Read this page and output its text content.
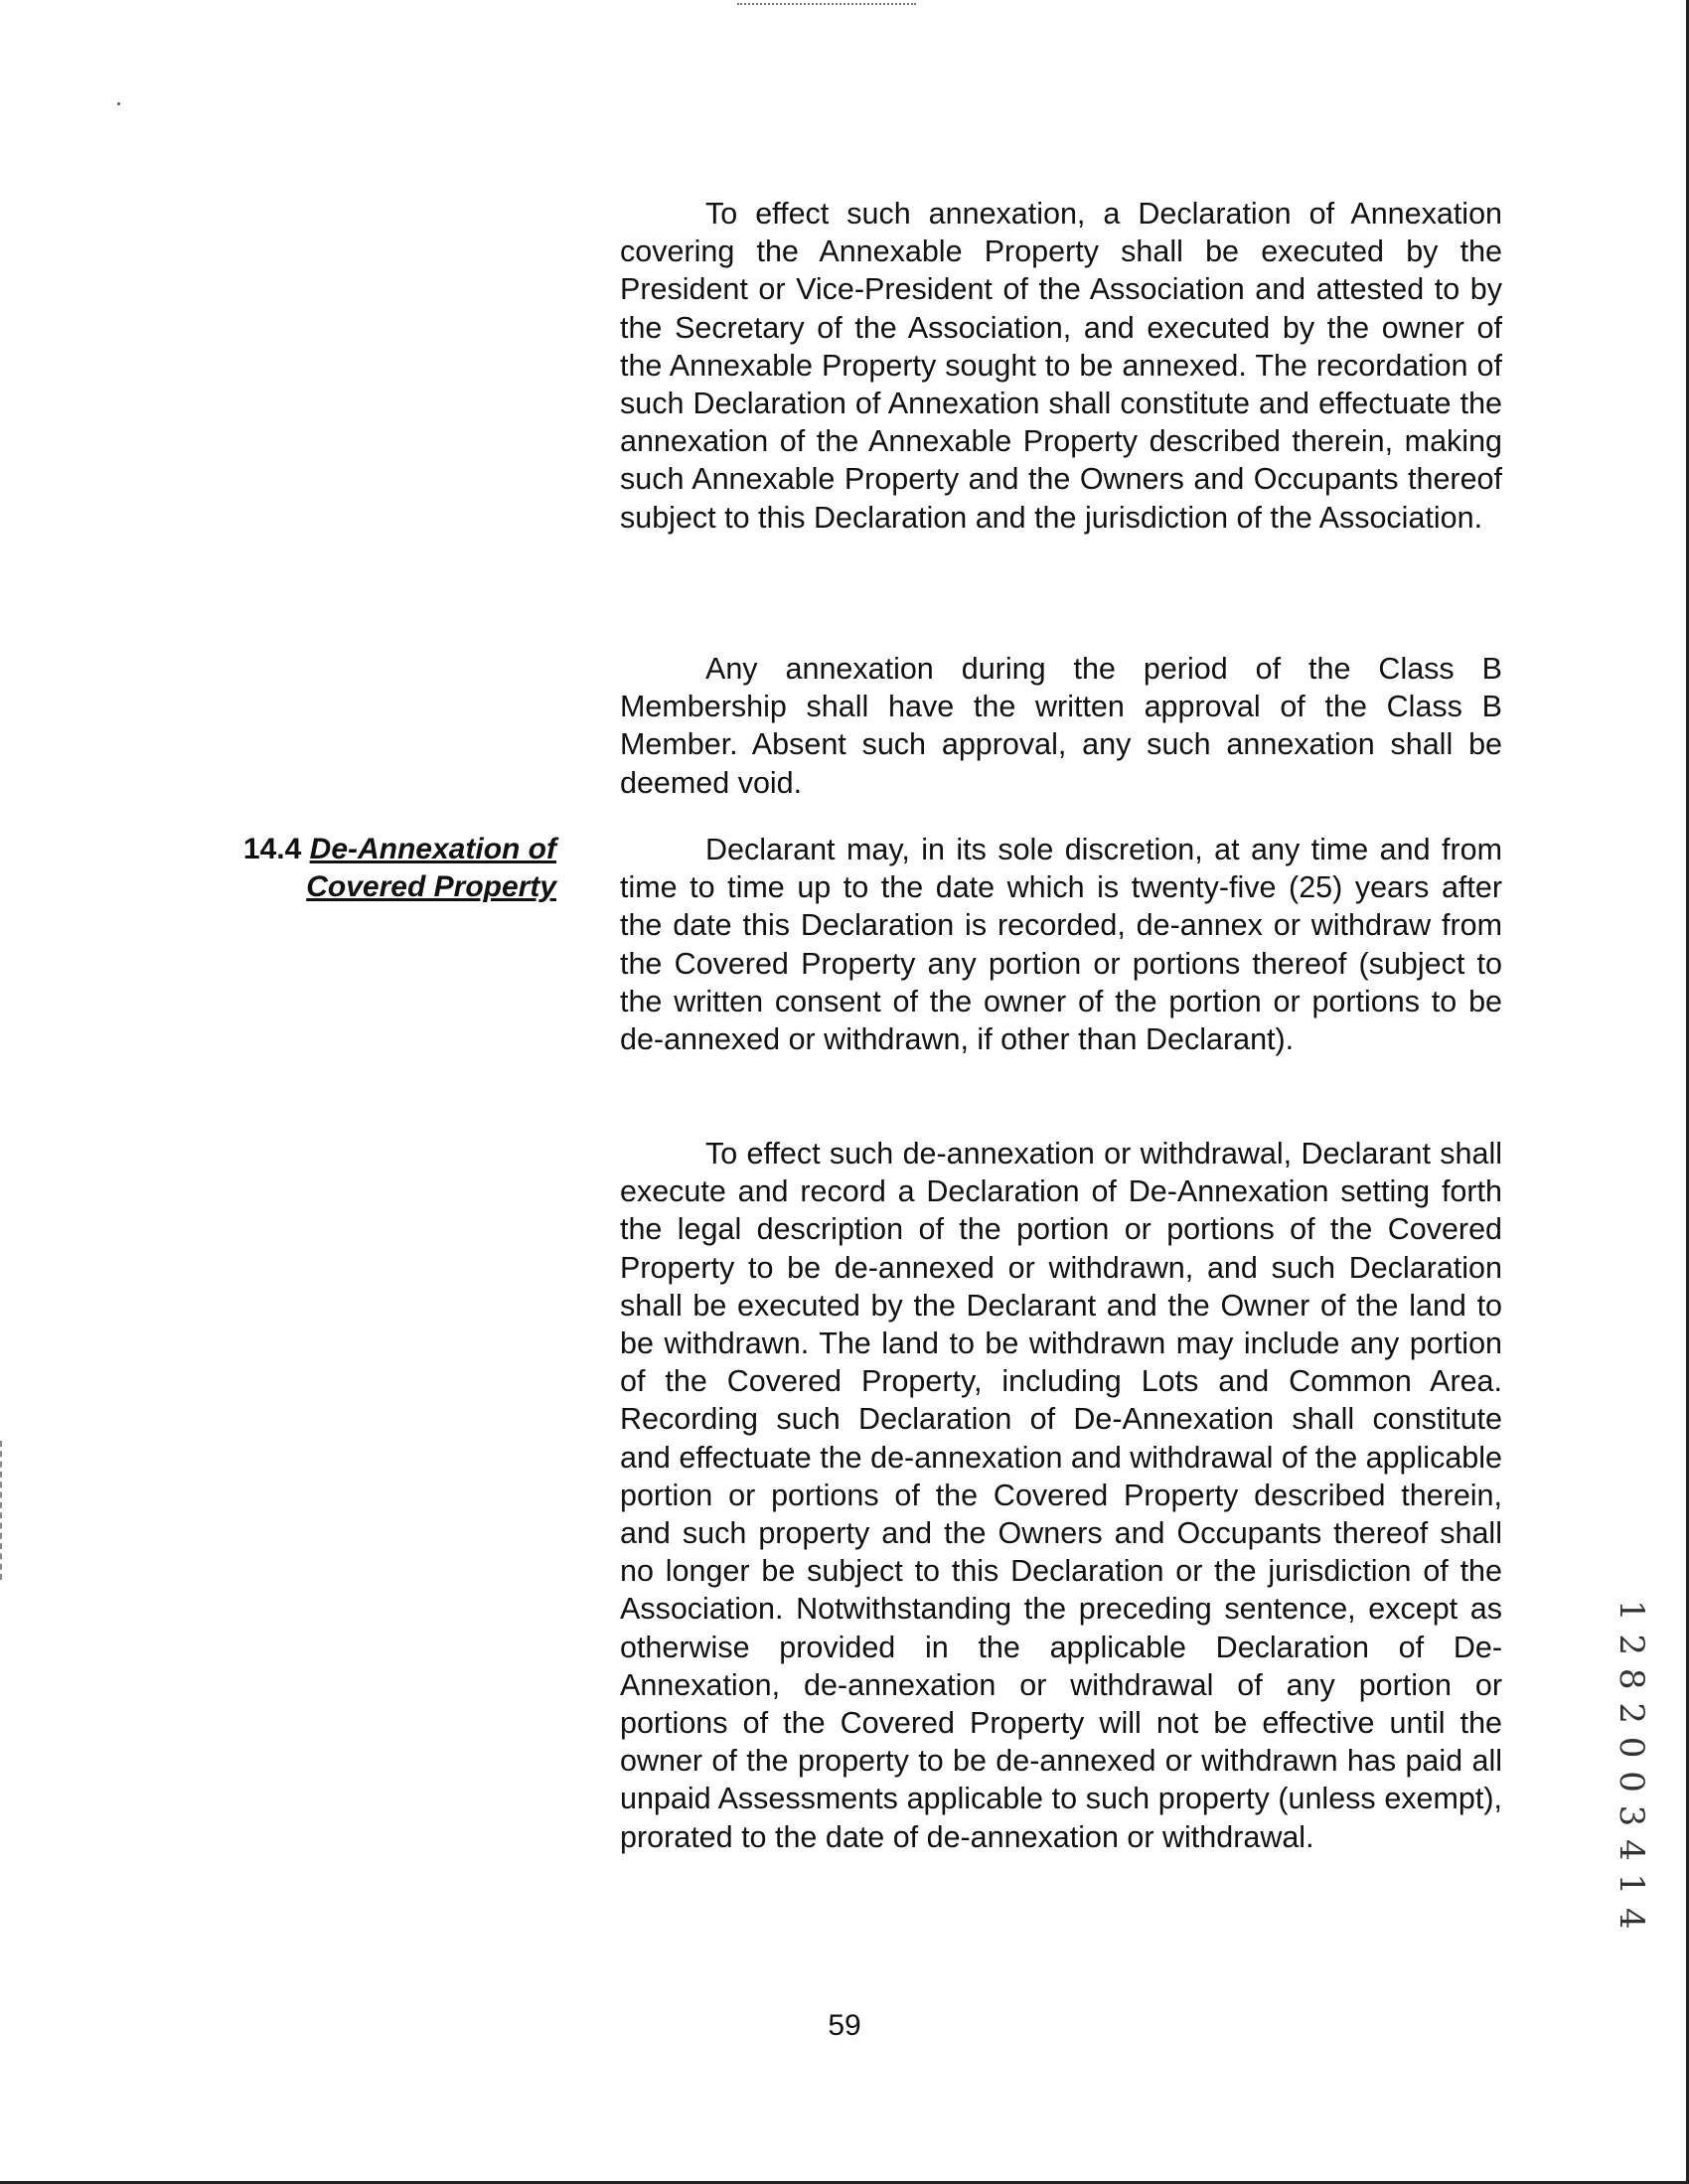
14.4 De-Annexation of
Covered Property

To effect such annexation, a Declaration of Annexation covering the Annexable Property shall be executed by the President or Vice-President of the Association and attested to by the Secretary of the Association, and executed by the owner of the Annexable Property sought to be annexed. The recordation of such Declaration of Annexation shall constitute and effectuate the annexation of the Annexable Property described therein, making such Annexable Property and the Owners and Occupants thereof subject to this Declaration and the jurisdiction of the Association.

Any annexation during the period of the Class B Membership shall have the written approval of the Class B Member. Absent such approval, any such annexation shall be deemed void.

Declarant may, in its sole discretion, at any time and from time to time up to the date which is twenty-five (25) years after the date this Declaration is recorded, de-annex or withdraw from the Covered Property any portion or portions thereof (subject to the written consent of the owner of the portion or portions to be de-annexed or withdrawn, if other than Declarant).

To effect such de-annexation or withdrawal, Declarant shall execute and record a Declaration of De-Annexation setting forth the legal description of the portion or portions of the Covered Property to be de-annexed or withdrawn, and such Declaration shall be executed by the Declarant and the Owner of the land to be withdrawn. The land to be withdrawn may include any portion of the Covered Property, including Lots and Common Area. Recording such Declaration of De-Annexation shall constitute and effectuate the de-annexation and withdrawal of the applicable portion or portions of the Covered Property described therein, and such property and the Owners and Occupants thereof shall no longer be subject to this Declaration or the jurisdiction of the Association. Notwithstanding the preceding sentence, except as otherwise provided in the applicable Declaration of De-Annexation, de-annexation or withdrawal of any portion or portions of the Covered Property will not be effective until the owner of the property to be de-annexed or withdrawn has paid all unpaid Assessments applicable to such property (unless exempt), prorated to the date of de-annexation or withdrawal.

59
1 2 8 2 0 0 3 4 1 4
